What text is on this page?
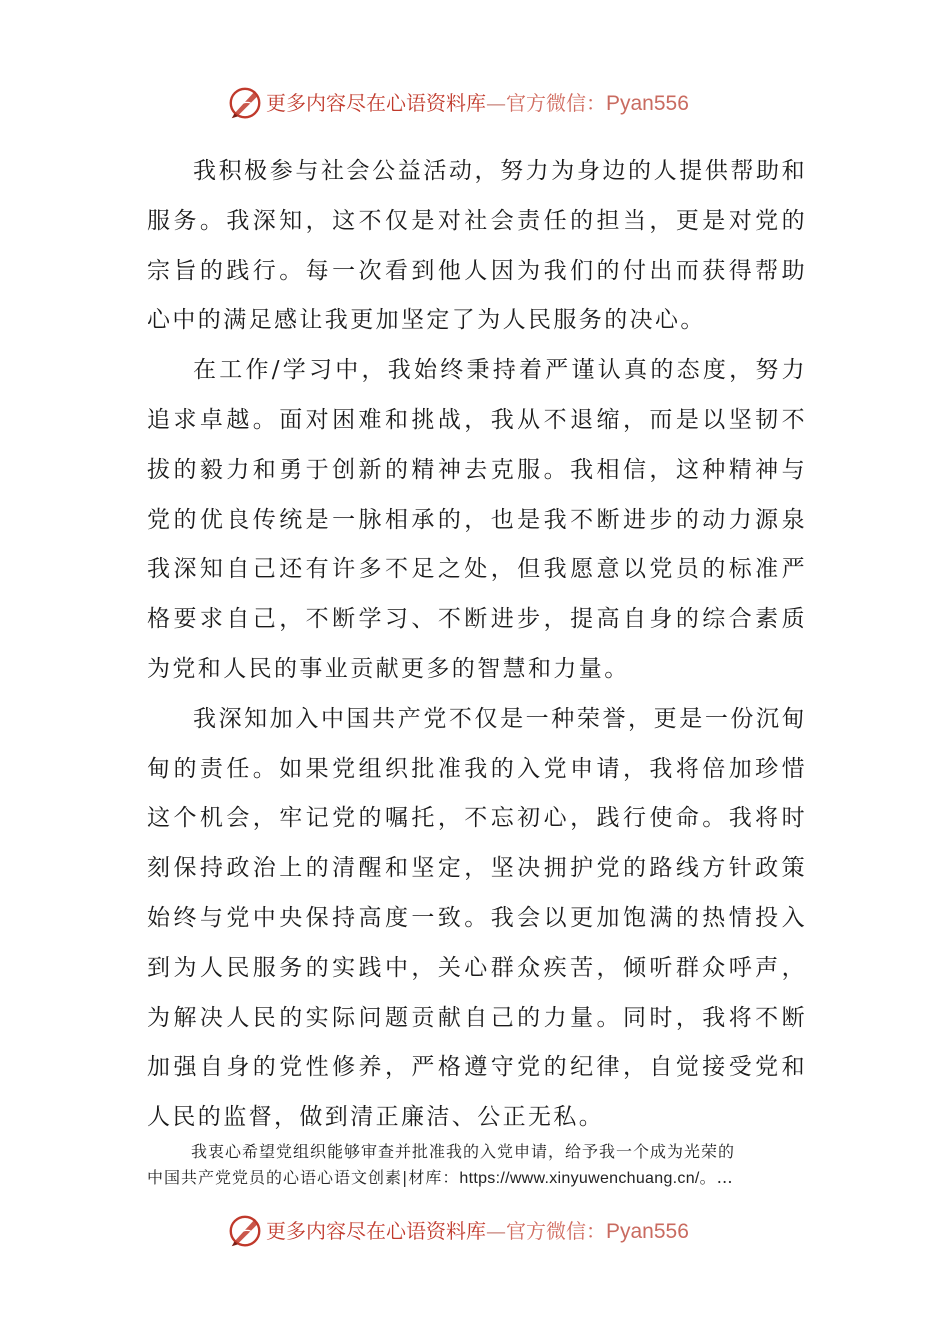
更多内容尽在心语资料库—官方微信：Pyan556

我积极参与社会公益活动，努力为身边的人提供帮助和服务。我深知，这不仅是对社会责任的担当，更是对党的宗旨的践行。每一次看到他人因为我们的付出而获得帮助心中的满足感让我更加坚定了为人民服务的决心。

在工作/学习中，我始终秉持着严谨认真的态度，努力追求卓越。面对困难和挑战，我从不退缩，而是以坚韧不拔的毅力和勇于创新的精神去克服。我相信，这种精神与党的优良传统是一脉相承的，也是我不断进步的动力源泉我深知自己还有许多不足之处，但我愿意以党员的标准严格要求自己，不断学习、不断进步，提高自身的综合素质为党和人民的事业贡献更多的智慧和力量。

我深知加入中国共产党不仅是一种荣誉，更是一份沉甸甸的责任。如果党组织批准我的入党申请，我将倍加珍惜这个机会，牢记党的嘱托，不忘初心，践行使命。我将时刻保持政治上的清醒和坚定，坚决拥护党的路线方针政策始终与党中央保持高度一致。我会以更加饱满的热情投入到为人民服务的实践中，关心群众疾苦，倾听群众呼声，为解决人民的实际问题贡献自己的力量。同时，我将不断加强自身的党性修养，严格遵守党的纪律，自觉接受党和人民的监督，做到清正廉洁、公正无私。

我衷心希望党组织能够审查并批准我的入党申请，给予我一个成为光荣的

中国共产党党员的心语心语文创素|材库：https://www.xinyuwenchuang.cn/。…

更多内容尽在心语资料库—官方微信：Pyan556
